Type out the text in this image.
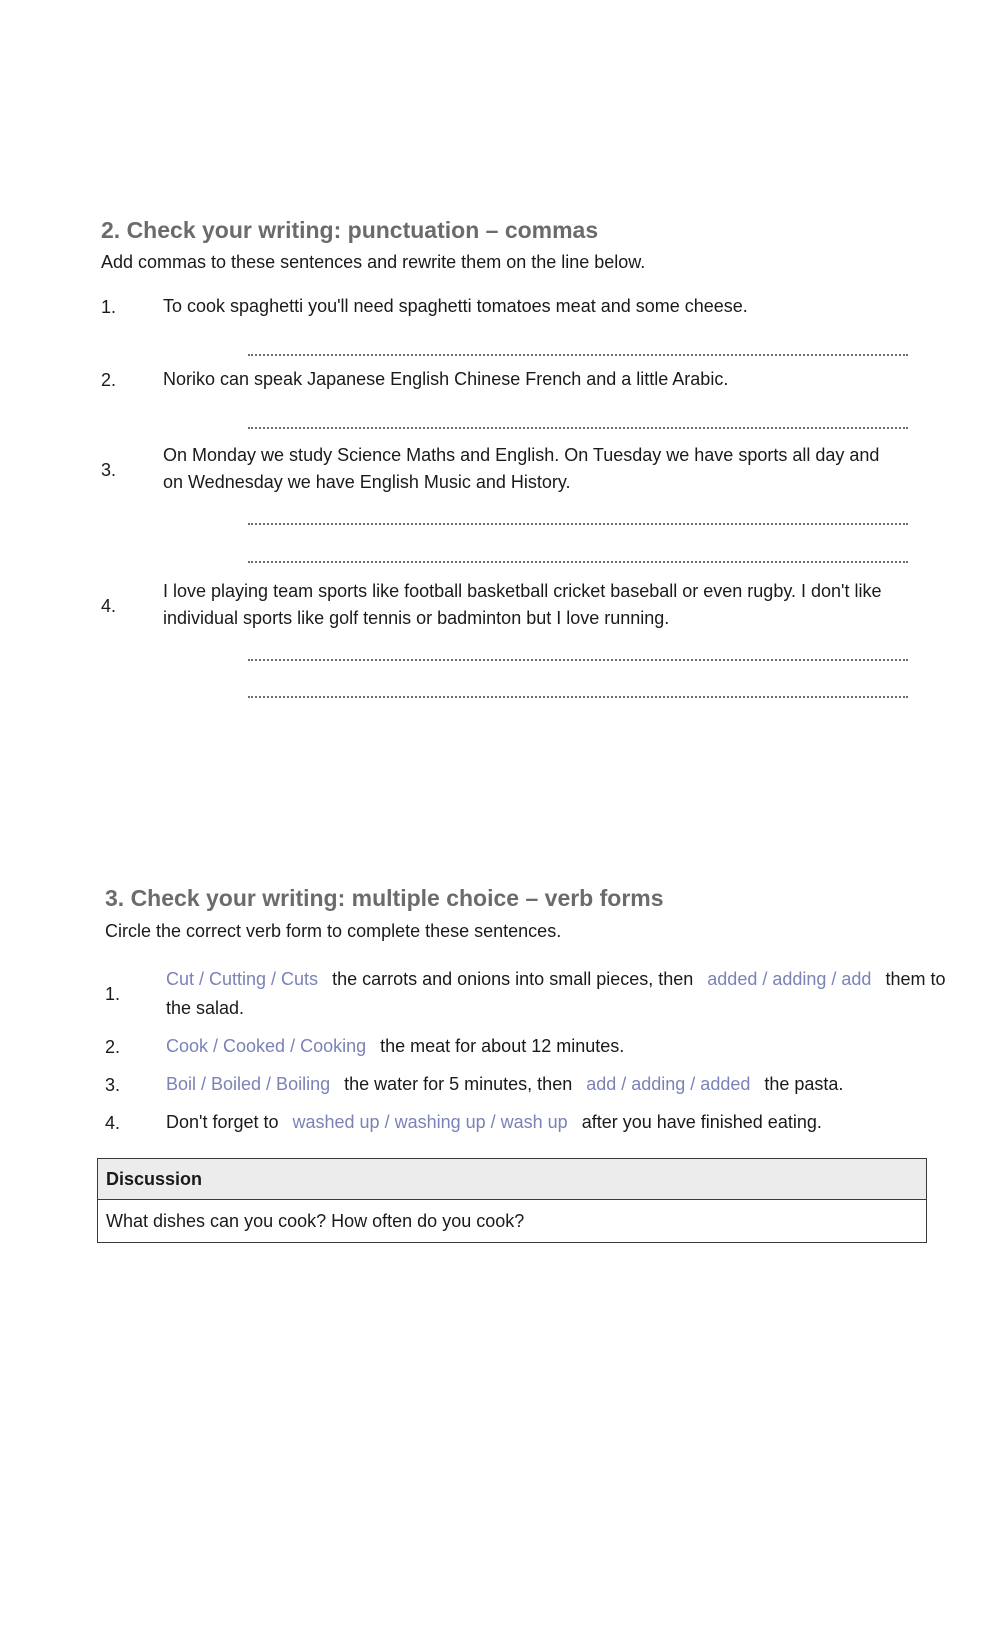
2. Check your writing: punctuation – commas
Add commas to these sentences and rewrite them on the line below.
1.	To cook spaghetti you'll need spaghetti tomatoes meat and some cheese.
2.	Noriko can speak Japanese English Chinese French and a little Arabic.
3.
On Monday we study Science Maths and English. On Tuesday we have sports all day and on Wednesday we have English Music and History.
4.
I love playing team sports like football basketball cricket baseball or even rugby. I don't like individual sports like golf tennis or badminton but I love running.
3. Check your writing: multiple choice – verb forms
Circle the correct verb form to complete these sentences.
1.
Cut / Cutting / Cuts the carrots and onions into small pieces, then added / adding / add them to
the salad.
2.	Cook / Cooked / Cooking the meat for about 12 minutes.
3.	Boil / Boiled / Boiling the water for 5 minutes, then add / adding / added the pasta.
4.	Don't forget to washed up / washing up / wash up after you have finished eating.
Discussion
What dishes can you cook? How often do you cook?
